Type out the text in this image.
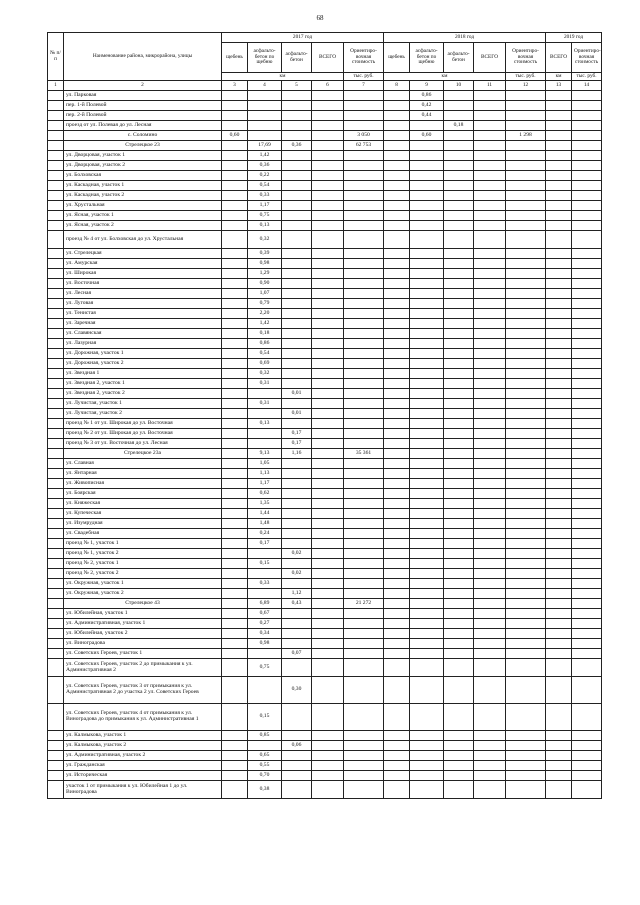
68
№ п/п	Наименование района, микрорайона, улицы	2017 год					2018 год					2019 год	
		щебень	асфальто-бетон по щебню	асфальто-бетон	ВСЕГО	Ориентиро-вочная стоимость	щебень	асфальто-бетон по щебню	асфальто-бетон	ВСЕГО	Ориентиро-вочная стоимость	ВСЕГО	Ориентиро-вочная стоимость
		км				тыс. руб.	км				тыс. руб.	км	тыс. руб.
1	2	3	4	5	6	7	8	9	10	11	12	13	14
	ул. Парковая							0,86					
	пер. 1-й Полевой							0,42					
	пер. 2-й Полевой							0,44					
	проезд от ул. Полевая до ул. Лесная								0,18				
	с. Соломино	0,60				3 050		0,60			1 298		
	Стрелецкое 23		17,69	0,36		62 753							
	ул. Дворцовая, участок 1		1,42										
	ул. Дворцовая, участок 2		0,36										
	ул. Болховская		0,22										
	ул. Каскадная, участок 1		0,54										
	ул. Каскадная, участок 2		0,33										
	ул. Хрустальная		1,17										
	ул. Ясная, участок 1		0,75										
	ул. Ясная, участок 2		0,13										
	проезд № 4 от ул. Болховская до ул. Хрустальная		0,32										
	ул. Стрелецкая		0,39										
	ул. Амурская		0,98										
	ул. Широкая		1,29										
	ул. Восточная		0,90										
	ул. Лесная		1,07										
	ул. Луговая		0,79										
	ул. Тенистая		2,20										
	ул. Заречная		1,42										
	ул. Славянская		0,18										
	ул. Лазурная		0,86										
	ул. Дорожная, участок 1		0,54										
	ул. Дорожная, участок 2		0,69										
	ул. Звездная 1		0,32										
	ул. Звездная 2, участок 1		0,31										
	ул. Звездная 2, участок 2			0,01									
	ул. Лучистая, участок 1		0,31										
	ул. Лучистая, участок 2			0,01									
	проезд № 1 от ул. Широкая до ул. Восточная		0,13										
	проезд № 2 от ул. Широкая до ул. Восточная			0,17									
	проезд № 3 от ул. Восточная до ул. Лесная			0,17									
	Стрелецкое 23а		9,13	1,16		35 361							
	ул. Славная		1,05										
	ул. Янтарная		1,13										
	ул. Живописная		1,17										
	ул. Боярская		0,62										
	ул. Княжеская		1,35										
	ул. Купеческая		1,44										
	ул. Изумрудная		1,48										
	ул. Свадебная		0,24										
	проезд № 1, участок 1		0,17										
	проезд № 1, участок 2			0,02									
	проезд № 2, участок 1		0,15										
	проезд № 2, участок 2			0,02									
	ул. Окружная, участок 1		0,33										
	ул. Окружная, участок 2			1,12									
	Стрелецкое 43		6,89	0,43		21 272							
	ул. Юбилейная, участок 1		0,67										
	ул. Административная, участок 1		0,27										
	ул. Юбилейная, участок 2		0,34										
	ул. Виноградова		0,98										
	ул. Советских Героев, участок 1			0,07									
	ул. Советских Героев, участок 2 до примыкания к ул. Административная 2		0,75										
	ул. Советских Героев, участок 3 от примыкания к ул. Административная 2 до участка 2 ул. Советских Героев			0,30									
	ул. Советских Героев, участок 4 от примыкания к ул. Виноградова до примыкания к ул. Административная 1		0,15										
	ул. Калмыкова, участок 1		0,85										
	ул. Калмыкова, участок 2			0,06									
	ул. Административная, участок 2		0,65										
	ул. Гражданская		0,55										
	ул. Историческая		0,70										
	участок 1 от примыкания к ул. Юбилейная 1 до ул. Виноградова		0,38										
